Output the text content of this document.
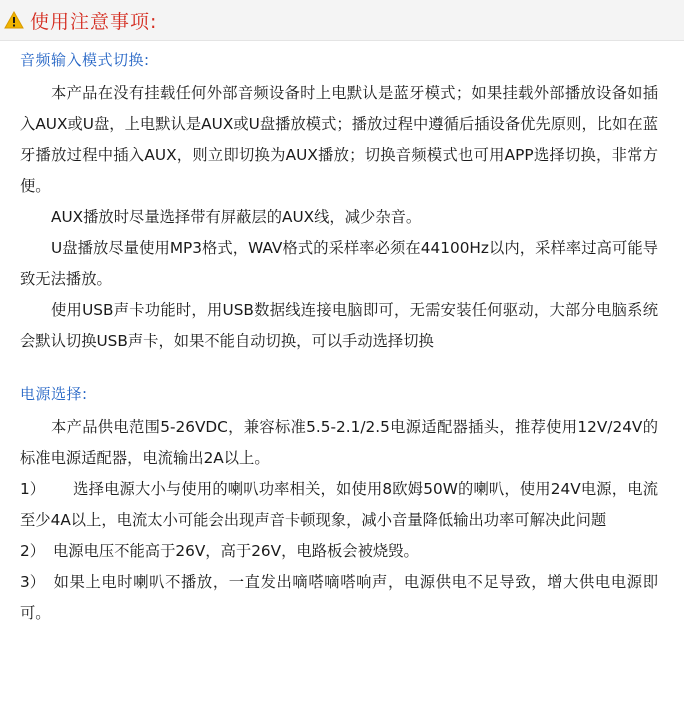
使用注意事项:
音频输入模式切换:

本产品在没有挂载任何外部音频设备时上电默认是蓝牙模式；如果挂载外部播放设备如插入AUX或U盘，上电默认是AUX或U盘播放模式；播放过程中遵循后插设备优先原则，比如在蓝牙播放过程中插入AUX，则立即切换为AUX播放；切换音频模式也可用APP选择切换，非常方便。

AUX播放时尽量选择带有屏蔽层的AUX线，减少杂音。

U盘播放尽量使用MP3格式，WAV格式的采样率必须在44100Hz以内，采样率过高可能导致无法播放。

使用USB声卡功能时，用USB数据线连接电脑即可，无需安装任何驱动，大部分电脑系统会默认切换USB声卡，如果不能自动切换，可以手动选择切换

电源选择:

本产品供电范围5-26VDC，兼容标准5.5-2.1/2.5电源适配器插头，推荐使用12V/24V的标准电源适配器，电流输出2A以上。

1） 选择电源大小与使用的喇叭功率相关，如使用8欧姆50W的喇叭，使用24V电源，电流至少4A以上，电流太小可能会出现声音卡顿现象，减小音量降低输出功率可解决此问题

2） 电源电压不能高于26V，高于26V，电路板会被烧毁。

3） 如果上电时喇叭不播放，一直发出嘀嗒嘀嗒响声，电源供电不足导致，增大供电电源即可。
